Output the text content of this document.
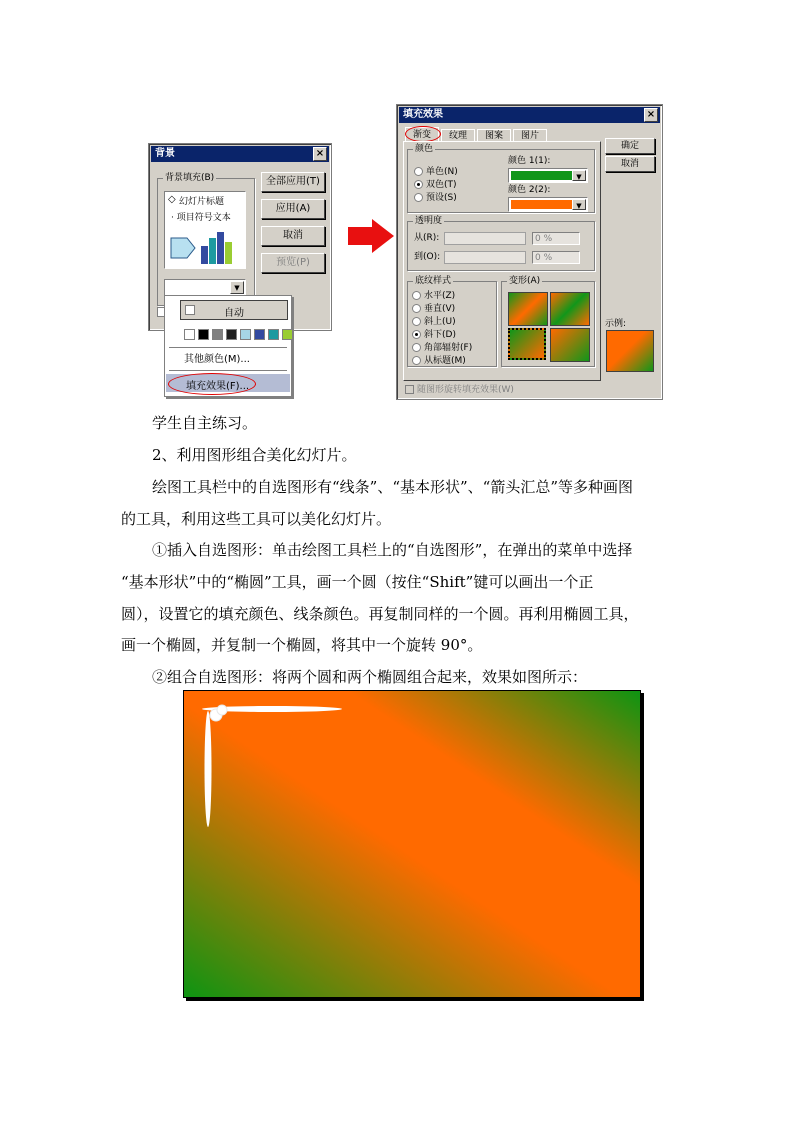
背景	×
背景填充(B)
◇ 幻灯片标题
· 项目符号文本
▼
全部应用(T)
应用(A)
取消
预览(P)
自动
其他颜色(M)...
填充效果(F)...
填充效果	×
渐变	纹理	图案	图片
颜色
单色(N)
双色(T)
预设(S)
颜色 1(1):
▼
颜色 2(2):
▼
透明度
从(R):	0 %
到(O):	0 %
底纹样式
水平(Z)
垂直(V)
斜上(U)
斜下(D)
角部辐射(F)
从标题(M)
变形(A)
随图形旋转填充效果(W)
确定
取消
示例:
学生自主练习。
2、利用图形组合美化幻灯片。
绘图工具栏中的自选图形有“线条”、“基本形状”、“箭头汇总”等多种画图
的工具，利用这些工具可以美化幻灯片。
①插入自选图形：单击绘图工具栏上的“自选图形”，在弹出的菜单中选择
“基本形状”中的“椭圆”工具，画一个圆（按住“Shift”键可以画出一个正
圆），设置它的填充颜色、线条颜色。再复制同样的一个圆。再利用椭圆工具，
画一个椭圆，并复制一个椭圆，将其中一个旋转 90°。
②组合自选图形：将两个圆和两个椭圆组合起来，效果如图所示：
